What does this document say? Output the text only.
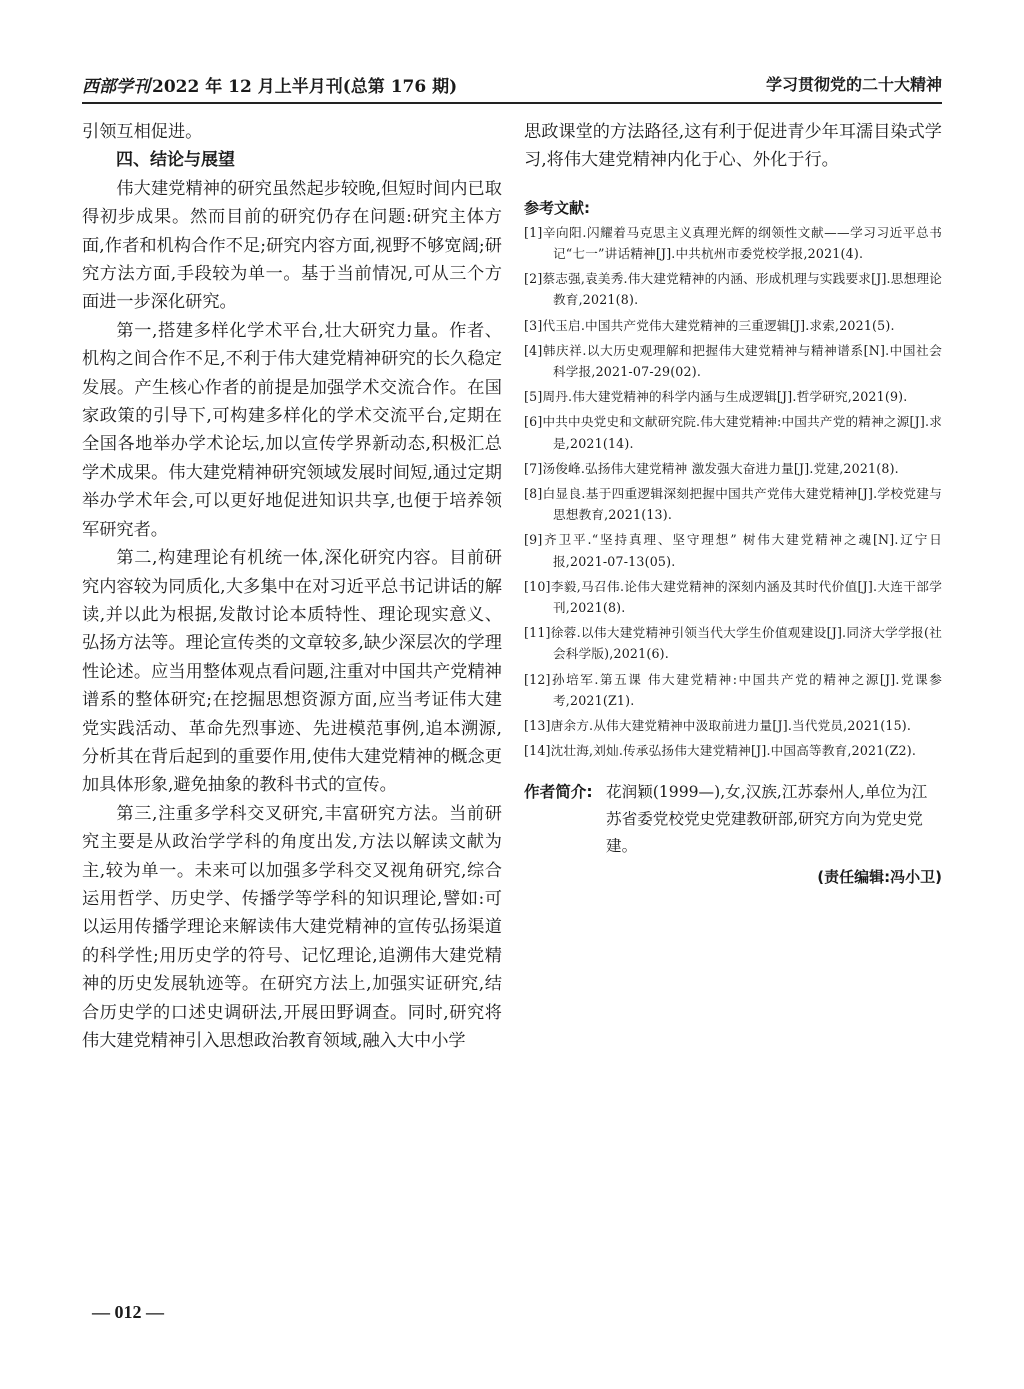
西部学刊 2022 年 12 月上半月刊(总第 176 期)	学习贯彻党的二十大精神

引领互相促进。

四、结论与展望

伟大建党精神的研究虽然起步较晚,但短时间内已取得初步成果。然而目前的研究仍存在问题:研究主体方面,作者和机构合作不足;研究内容方面,视野不够宽阔;研究方法方面,手段较为单一。基于当前情况,可从三个方面进一步深化研究。

第一,搭建多样化学术平台,壮大研究力量。作者、机构之间合作不足,不利于伟大建党精神研究的长久稳定发展。产生核心作者的前提是加强学术交流合作。在国家政策的引导下,可构建多样化的学术交流平台,定期在全国各地举办学术论坛,加以宣传学界新动态,积极汇总学术成果。伟大建党精神研究领域发展时间短,通过定期举办学术年会,可以更好地促进知识共享,也便于培养领军研究者。

第二,构建理论有机统一体,深化研究内容。目前研究内容较为同质化,大多集中在对习近平总书记讲话的解读,并以此为根据,发散讨论本质特性、理论现实意义、弘扬方法等。理论宣传类的文章较多,缺少深层次的学理性论述。应当用整体观点看问题,注重对中国共产党精神谱系的整体研究;在挖掘思想资源方面,应当考证伟大建党实践活动、革命先烈事迹、先进模范事例,追本溯源,分析其在背后起到的重要作用,使伟大建党精神的概念更加具体形象,避免抽象的教科书式的宣传。

第三,注重多学科交叉研究,丰富研究方法。当前研究主要是从政治学学科的角度出发,方法以解读文献为主,较为单一。未来可以加强多学科交叉视角研究,综合运用哲学、历史学、传播学等学科的知识理论,譬如:可以运用传播学理论来解读伟大建党精神的宣传弘扬渠道的科学性;用历史学的符号、记忆理论,追溯伟大建党精神的历史发展轨迹等。在研究方法上,加强实证研究,结合历史学的口述史调研法,开展田野调查。同时,研究将伟大建党精神引入思想政治教育领域,融入大中小学

思政课堂的方法路径,这有利于促进青少年耳濡目染式学习,将伟大建党精神内化于心、外化于行。

参考文献:
[1]辛向阳.闪耀着马克思主义真理光辉的纲领性文献——学习习近平总书记“七一”讲话精神[J].中共杭州市委党校学报,2021(4).
[2]蔡志强,袁美秀.伟大建党精神的内涵、形成机理与实践要求[J].思想理论教育,2021(8).
[3]代玉启.中国共产党伟大建党精神的三重逻辑[J].求索,2021(5).
[4]韩庆祥.以大历史观理解和把握伟大建党精神与精神谱系[N].中国社会科学报,2021-07-29(02).
[5]周丹.伟大建党精神的科学内涵与生成逻辑[J].哲学研究,2021(9).
[6]中共中央党史和文献研究院.伟大建党精神:中国共产党的精神之源[J].求是,2021(14).
[7]汤俊峰.弘扬伟大建党精神 激发强大奋进力量[J].党建,2021(8).
[8]白显良.基于四重逻辑深刻把握中国共产党伟大建党精神[J].学校党建与思想教育,2021(13).
[9]齐卫平.“坚持真理、坚守理想” 树伟大建党精神之魂[N].辽宁日报,2021-07-13(05).
[10]李毅,马召伟.论伟大建党精神的深刻内涵及其时代价值[J].大连干部学刊,2021(8).
[11]徐蓉.以伟大建党精神引领当代大学生价值观建设[J].同济大学学报(社会科学版),2021(6).
[12]孙培军.第五课 伟大建党精神:中国共产党的精神之源[J].党课参考,2021(Z1).
[13]唐余方.从伟大建党精神中汲取前进力量[J].当代党员,2021(15).
[14]沈壮海,刘灿.传承弘扬伟大建党精神[J].中国高等教育,2021(Z2).
作者简介: 花润颖(1999—),女,汉族,江苏泰州人,单位为江苏省委党校党史党建教研部,研究方向为党史党建。
(责任编辑:冯小卫)
— 012 —
